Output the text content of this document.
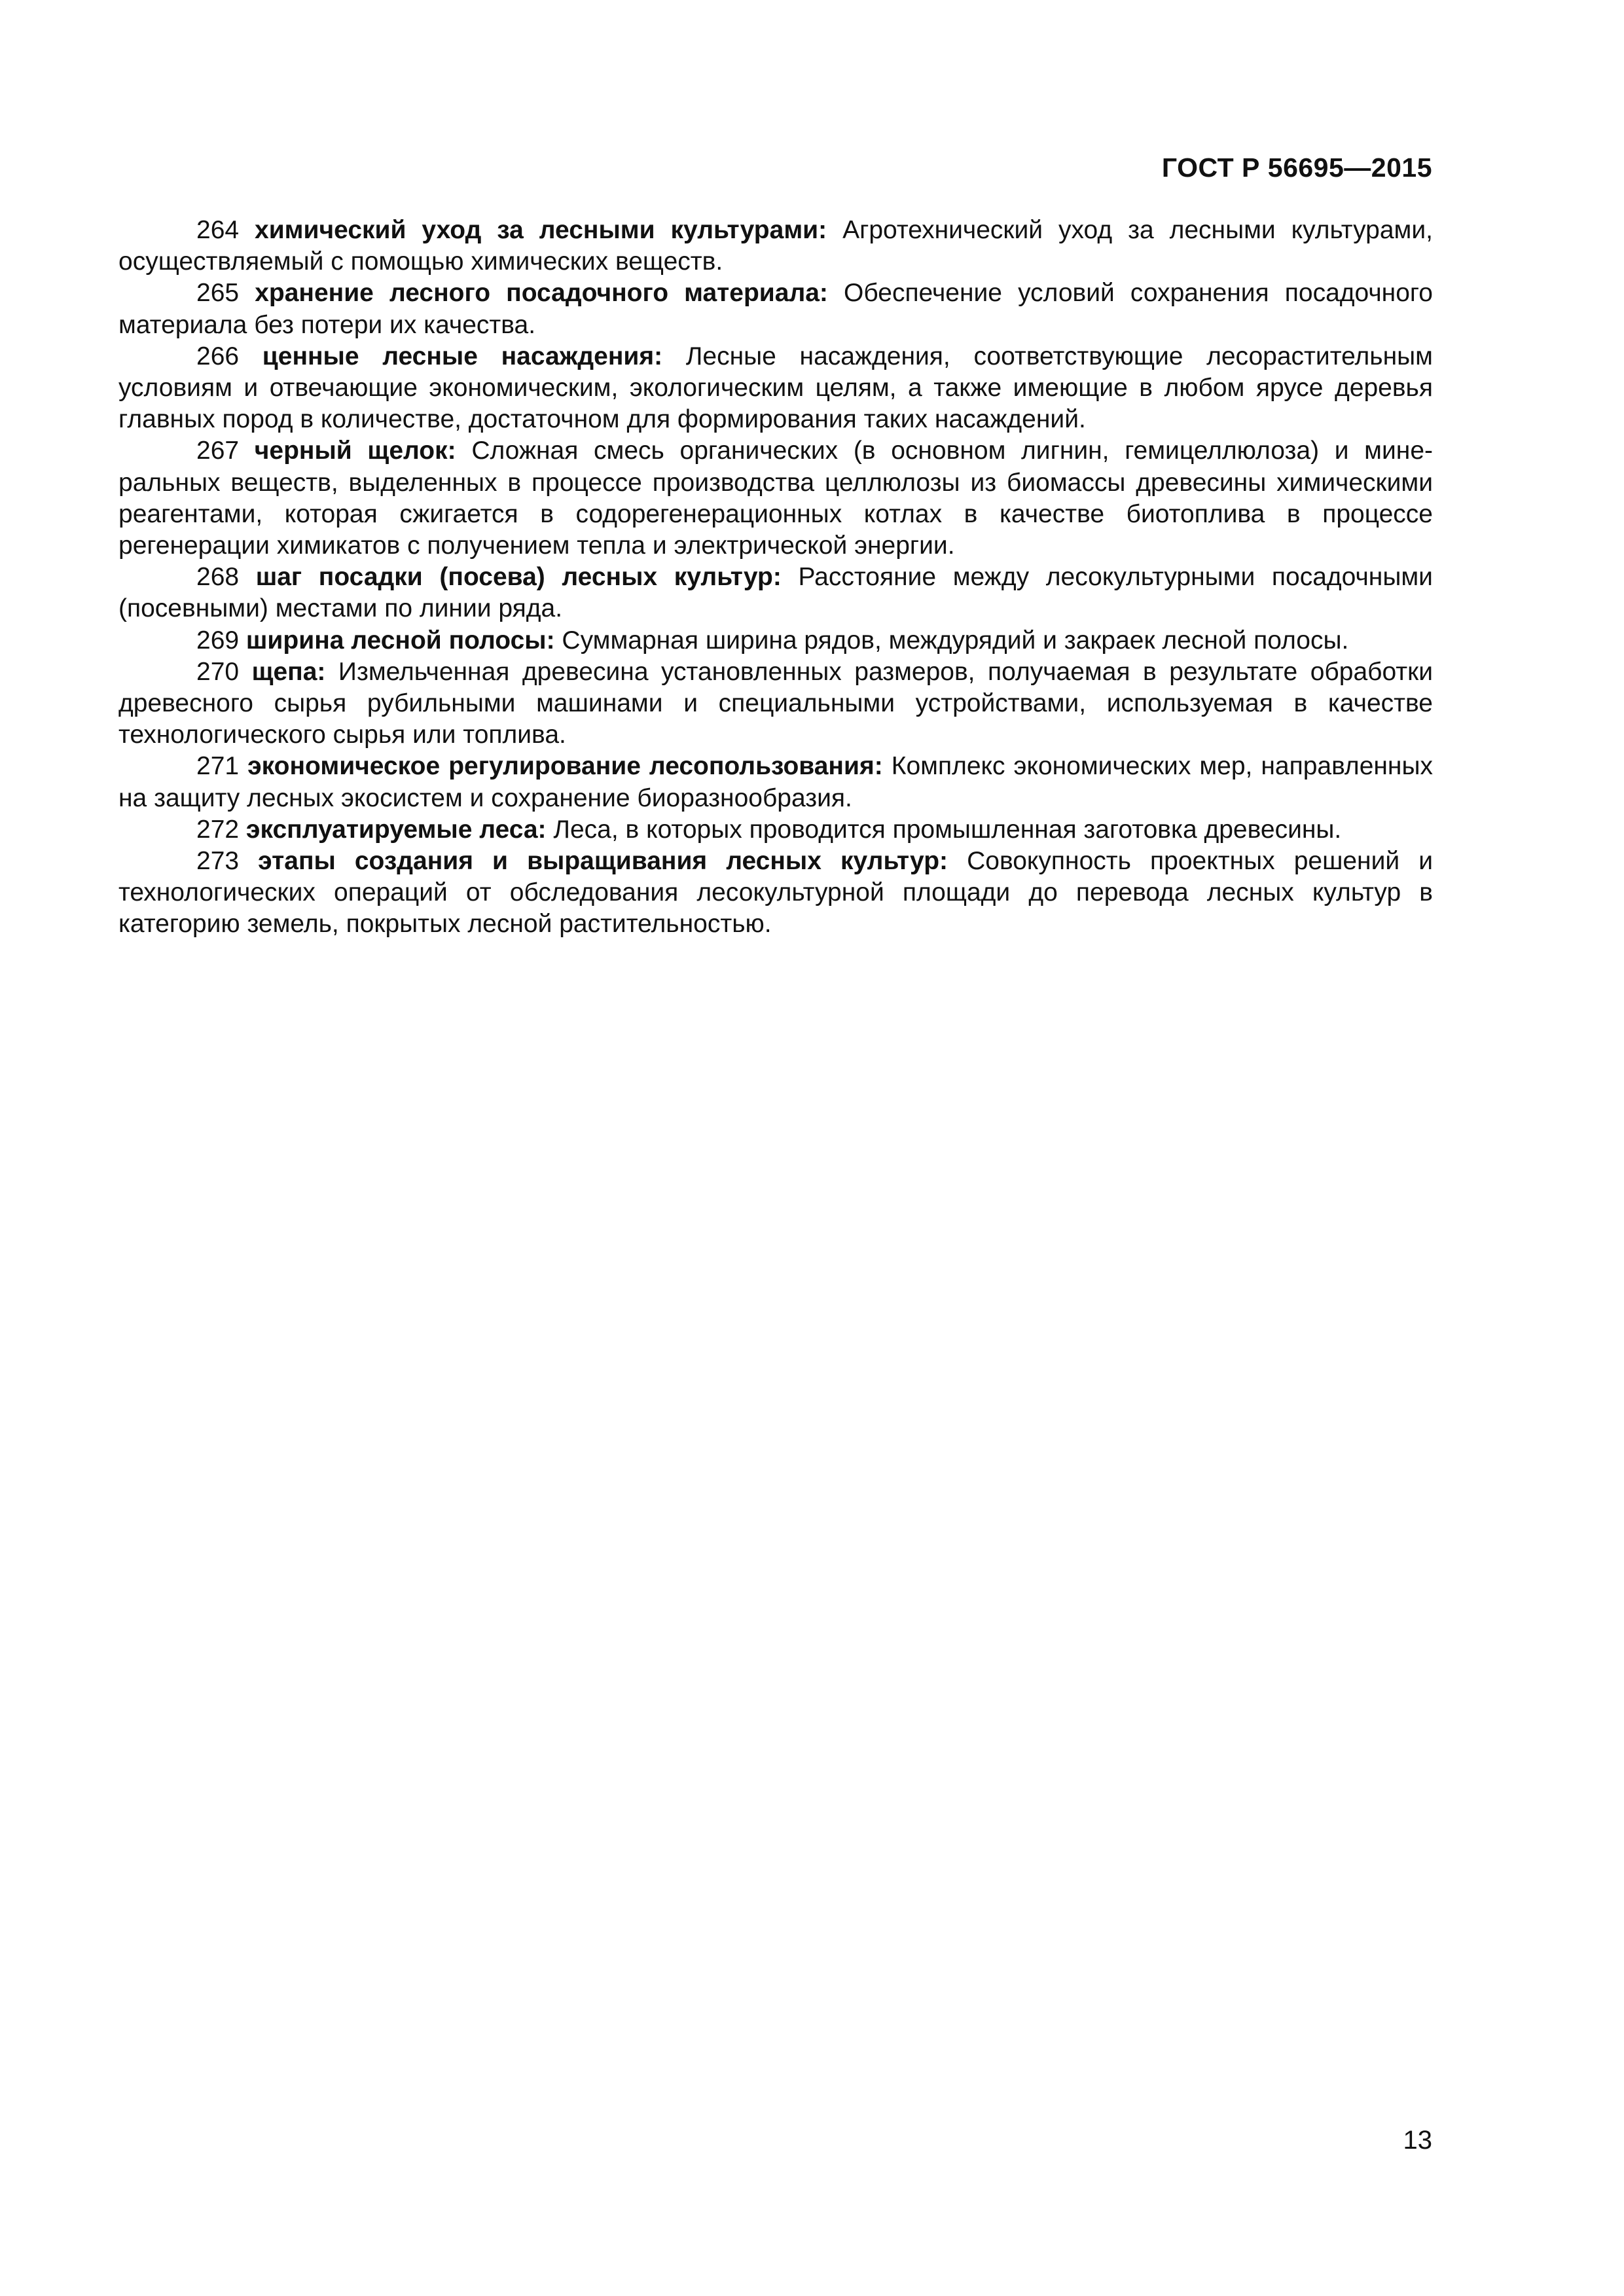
ГОСТ Р 56695—2015

264 химический уход за лесными культурами: Агротехнический уход за лесными культурами, осуществляемый с помощью химических веществ.

265 хранение лесного посадочного материала: Обеспечение условий сохранения посадочного материала без потери их качества.

266 ценные лесные насаждения: Лесные насаждения, соответствующие лесорастительным условиям и отвечающие экономическим, экологическим целям, а также имеющие в любом ярусе деревья главных пород в количестве, достаточном для формирования таких насаждений.

267 черный щелок: Сложная смесь органических (в основном лигнин, гемицеллюлоза) и минеральных веществ, выделенных в процессе производства целлюлозы из биомассы древесины химическими реагентами, которая сжигается в содорегенерационных котлах в качестве биотоплива в процессе регенерации химикатов с получением тепла и электрической энергии.

268 шаг посадки (посева) лесных культур: Расстояние между лесокультурными посадочными (посевными) местами по линии ряда.

269 ширина лесной полосы: Суммарная ширина рядов, междурядий и закраек лесной полосы.

270 щепа: Измельченная древесина установленных размеров, получаемая в результате обработки древесного сырья рубильными машинами и специальными устройствами, используемая в качестве технологического сырья или топлива.

271 экономическое регулирование лесопользования: Комплекс экономических мер, направленных на защиту лесных экосистем и сохранение биоразнообразия.

272 эксплуатируемые леса: Леса, в которых проводится промышленная заготовка древесины.

273 этапы создания и выращивания лесных культур: Совокупность проектных решений и технологических операций от обследования лесокультурной площади до перевода лесных культур в категорию земель, покрытых лесной растительностью.

13
